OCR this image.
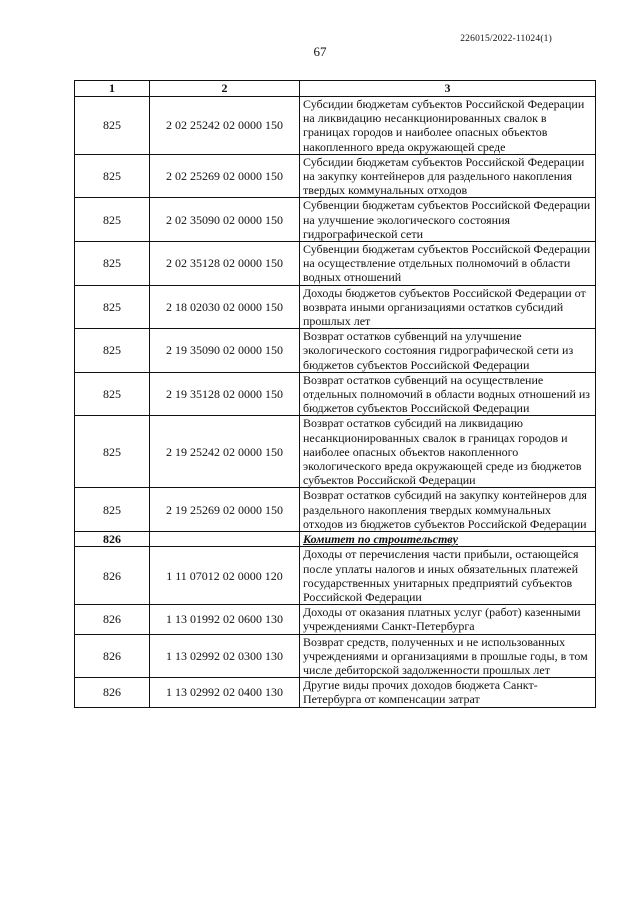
226015/2022-11024(1)
67
1	2	3
825	2 02 25242 02 0000 150	Субсидии бюджетам субъектов Российской Федерации на ликвидацию несанкционированных свалок в границах городов и наиболее опасных объектов накопленного вреда окружающей среде
825	2 02 25269 02 0000 150	Субсидии бюджетам субъектов Российской Федерации на закупку контейнеров для раздельного накопления твердых коммунальных отходов
825	2 02 35090 02 0000 150	Субвенции бюджетам субъектов Российской Федерации на улучшение экологического состояния гидрографической сети
825	2 02 35128 02 0000 150	Субвенции бюджетам субъектов Российской Федерации на осуществление отдельных полномочий в области водных отношений
825	2 18 02030 02 0000 150	Доходы бюджетов субъектов Российской Федерации от возврата иными организациями остатков субсидий прошлых лет
825	2 19 35090 02 0000 150	Возврат остатков субвенций на улучшение экологического состояния гидрографической сети из бюджетов субъектов Российской Федерации
825	2 19 35128 02 0000 150	Возврат остатков субвенций на осуществление отдельных полномочий в области водных отношений из бюджетов субъектов Российской Федерации
825	2 19 25242 02 0000 150	Возврат остатков субсидий на ликвидацию несанкционированных свалок в границах городов и наиболее опасных объектов накопленного экологического вреда окружающей среде из бюджетов субъектов Российской Федерации
825	2 19 25269 02 0000 150	Возврат остатков субсидий на закупку контейнеров для раздельного накопления твердых коммунальных отходов из бюджетов субъектов Российской Федерации
826		Комитет по строительству
826	1 11 07012 02 0000 120	Доходы от перечисления части прибыли, остающейся после уплаты налогов и иных обязательных платежей государственных унитарных предприятий субъектов Российской Федерации
826	1 13 01992 02 0600 130	Доходы от оказания платных услуг (работ) казенными учреждениями Санкт-Петербурга
826	1 13 02992 02 0300 130	Возврат средств, полученных и не использованных учреждениями и организациями в прошлые годы, в том числе дебиторской задолженности прошлых лет
826	1 13 02992 02 0400 130	Другие виды прочих доходов бюджета Санкт-Петербурга от компенсации затрат
